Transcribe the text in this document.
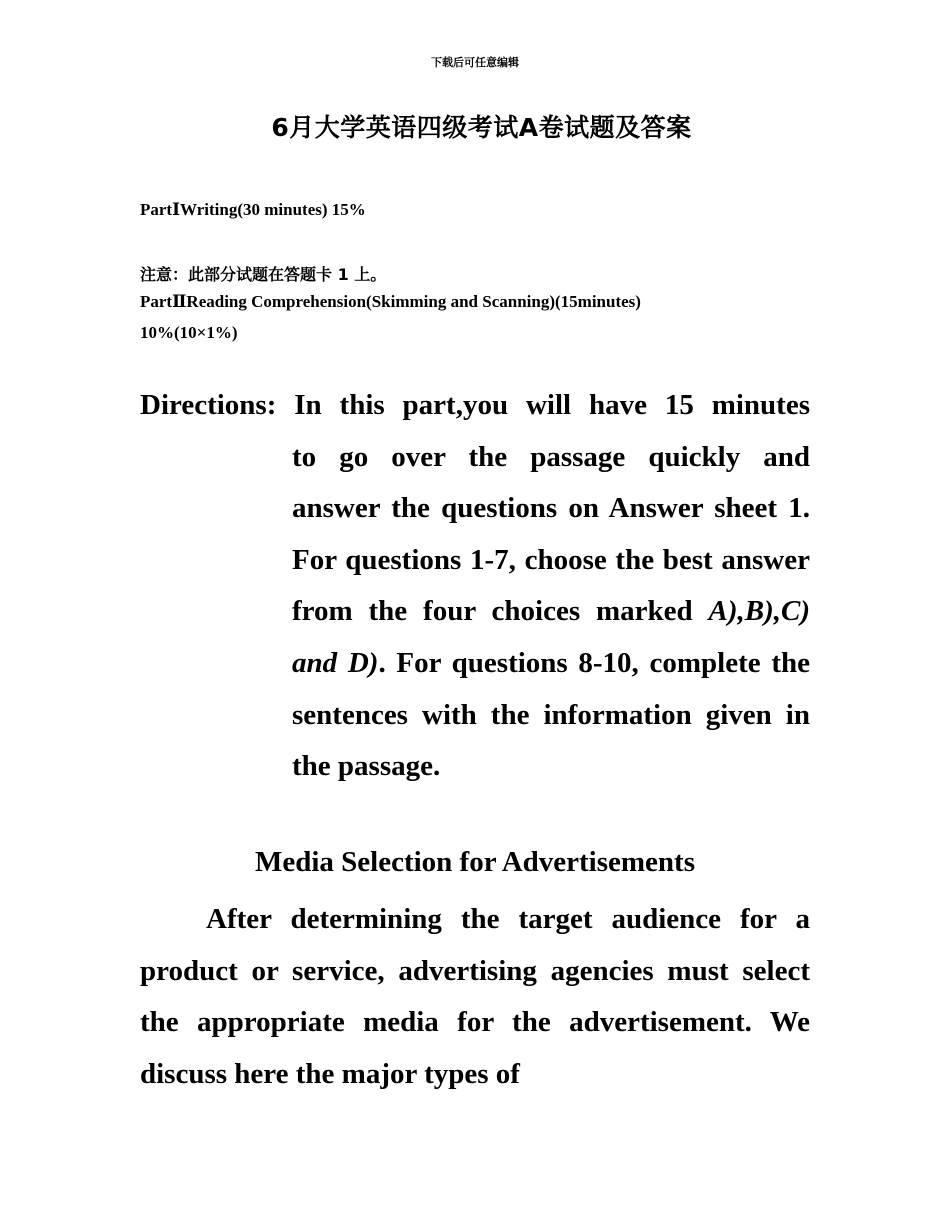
下载后可任意编辑
6月大学英语四级考试A卷试题及答案
PartⅠWriting(30 minutes) 15%
注意：此部分试题在答题卡 1 上。
PartⅡReading Comprehension(Skimming and Scanning)(15minutes)
10%(10×1%)
Directions: In this part,you will have 15 minutes
to go over the passage quickly and answer the questions on Answer sheet 1. For questions 1-7, choose the best answer from the four choices marked A),B),C) and D). For questions 8-10, complete the sentences with the information given in the passage.
Media Selection for Advertisements
After determining the target audience for a product or service, advertising agencies must select the appropriate media for the advertisement. We discuss here the major types of
